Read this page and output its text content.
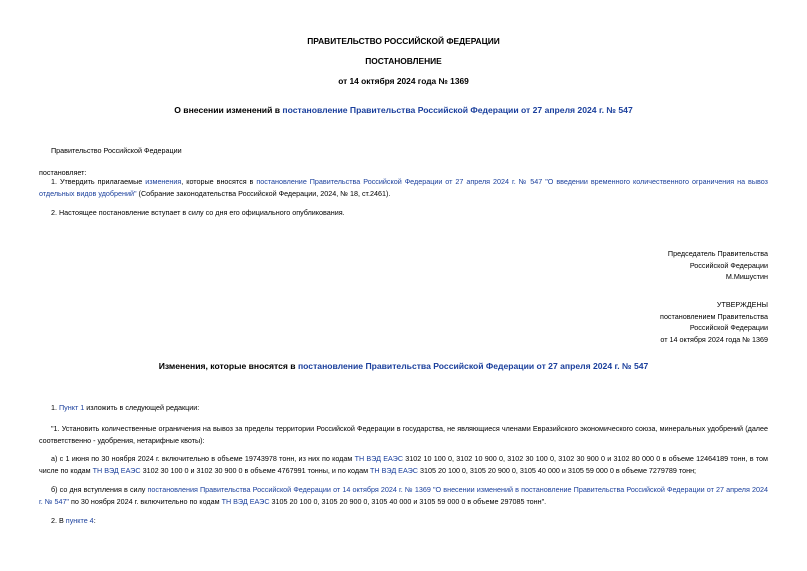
ПРАВИТЕЛЬСТВО РОССИЙСКОЙ ФЕДЕРАЦИИ
ПОСТАНОВЛЕНИЕ
от 14 октября 2024 года № 1369
О внесении изменений в постановление Правительства Российской Федерации от 27 апреля 2024 г. № 547
Правительство Российской Федерации
постановляет:
1. Утвердить прилагаемые изменения, которые вносятся в постановление Правительства Российской Федерации от 27 апреля 2024 г. № 547 "О введении временного количественного ограничения на вывоз отдельных видов удобрений" (Собрание законодательства Российской Федерации, 2024, № 18, ст.2461).
2. Настоящее постановление вступает в силу со дня его официального опубликования.
Председатель Правительства
Российской Федерации
М.Мишустин
УТВЕРЖДЕНЫ
постановлением Правительства
Российской Федерации
от 14 октября 2024 года № 1369
Изменения, которые вносятся в постановление Правительства Российской Федерации от 27 апреля 2024 г. № 547
1. Пункт 1 изложить в следующей редакции:
"1. Установить количественные ограничения на вывоз за пределы территории Российской Федерации в государства, не являющиеся членами Евразийского экономического союза, минеральных удобрений (далее соответственно - удобрения, нетарифные квоты):
а) с 1 июня по 30 ноября 2024 г. включительно в объеме 19743978 тонн, из них по кодам ТН ВЭД ЕАЭС 3102 10 100 0, 3102 10 900 0, 3102 30 100 0, 3102 30 900 0 и 3102 80 000 0 в объеме 12464189 тонн, в том числе по кодам ТН ВЭД ЕАЭС 3102 30 100 0 и 3102 30 900 0 в объеме 4767991 тонны, и по кодам ТН ВЭД ЕАЭС 3105 20 100 0, 3105 20 900 0, 3105 40 000 и 3105 59 000 0 в объеме 7279789 тонн;
б) со дня вступления в силу постановления Правительства Российской Федерации от 14 октября 2024 г. № 1369 "О внесении изменений в постановление Правительства Российской Федерации от 27 апреля 2024 г. № 547" по 30 ноября 2024 г. включительно по кодам ТН ВЭД ЕАЭС 3105 20 100 0, 3105 20 900 0, 3105 40 000 и 3105 59 000 0 в объеме 297085 тонн".
2. В пункте 4:
